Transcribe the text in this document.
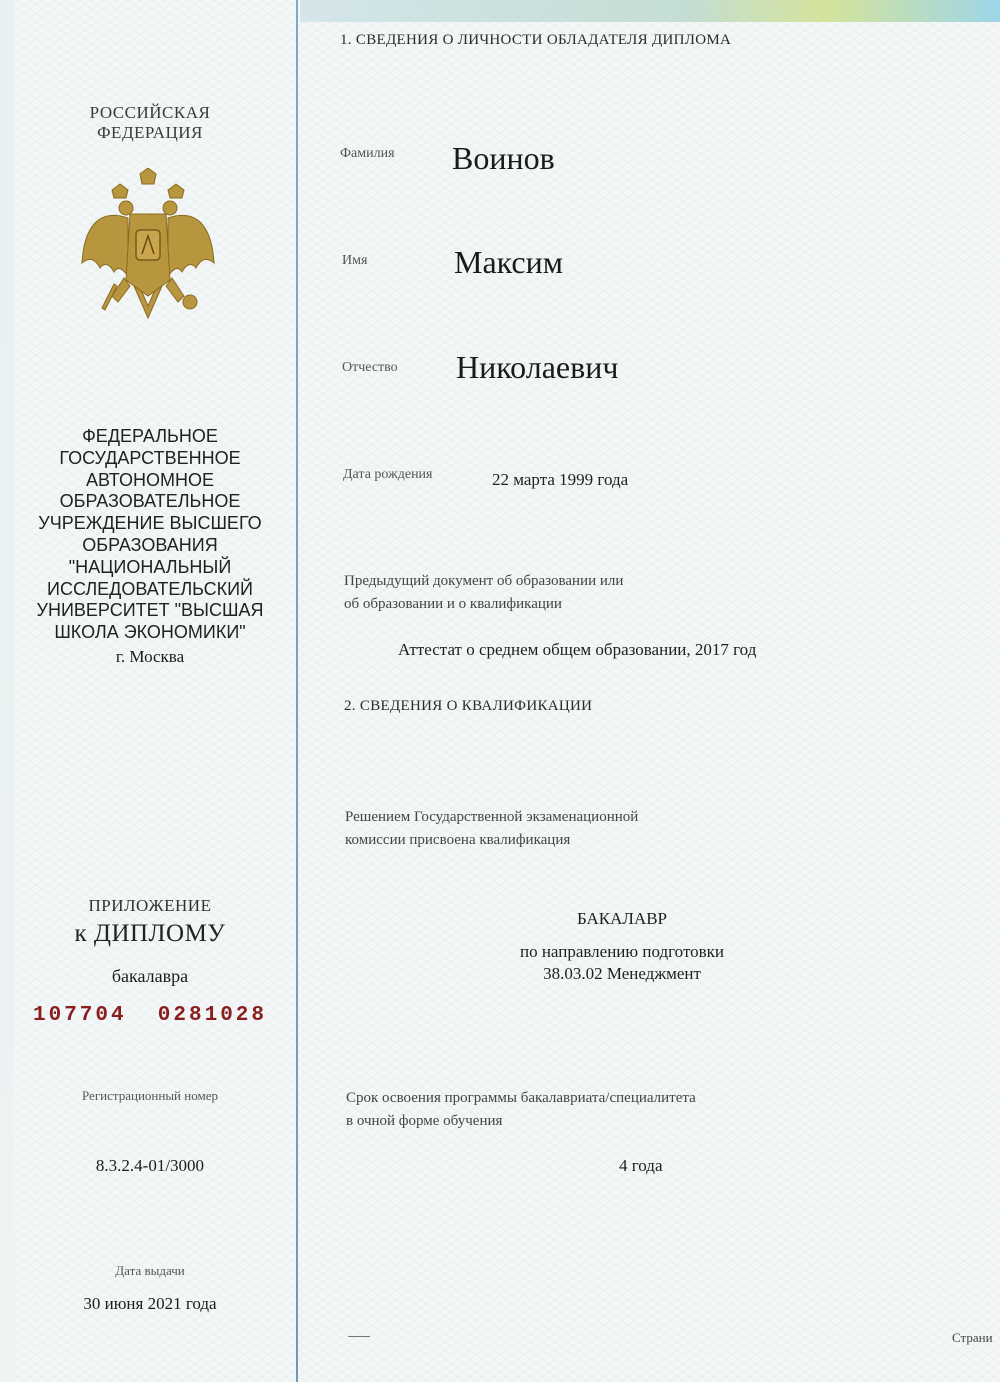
РОССИЙСКАЯ
ФЕДЕРАЦИЯ
ФЕДЕРАЛЬНОЕ
ГОСУДАРСТВЕННОЕ
АВТОНОМНОЕ
ОБРАЗОВАТЕЛЬНОЕ
УЧРЕЖДЕНИЕ ВЫСШЕГО
ОБРАЗОВАНИЯ
"НАЦИОНАЛЬНЫЙ
ИССЛЕДОВАТЕЛЬСКИЙ
УНИВЕРСИТЕТ "ВЫСШАЯ
ШКОЛА ЭКОНОМИКИ"
г. Москва
ПРИЛОЖЕНИЕ
к ДИПЛОМУ
бакалавра
107704  0281028
Регистрационный номер
8.3.2.4-01/3000
Дата выдачи
30 июня 2021 года
1. СВЕДЕНИЯ О ЛИЧНОСТИ ОБЛАДАТЕЛЯ ДИПЛОМА
Фамилия Воинов
Имя	Максим
Отчество Николаевич
Дата рождения	22 марта 1999 года
Предыдущий документ об образовании или
об образовании и о квалификации
Аттестат о среднем общем образовании, 2017 год
2. СВЕДЕНИЯ О КВАЛИФИКАЦИИ
Решением Государственной экзаменационной
комиссии присвоена квалификация
БАКАЛАВР
по направлению подготовки
38.03.02 Менеджмент
Срок освоения программы бакалавриата/специалитета
в очной форме обучения
4 года
Страни
